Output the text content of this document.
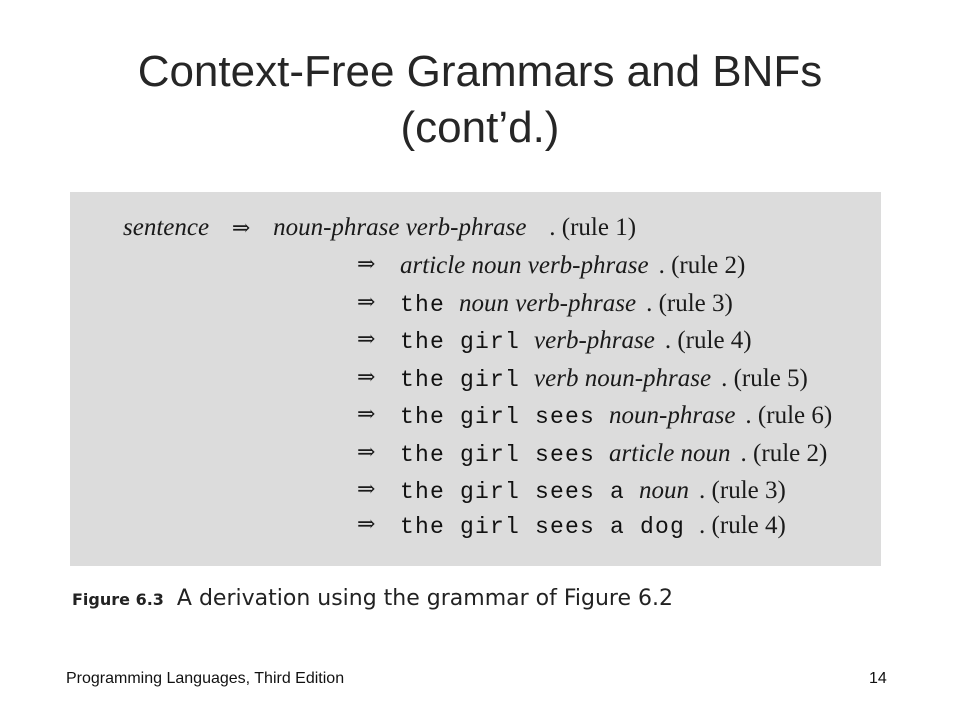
Context-Free Grammars and BNFs
(cont’d.)
sentence ⇒ noun-phrase verb-phrase . (rule 1)
⇒ article noun verb-phrase . (rule 2)
⇒ the noun verb-phrase . (rule 3)
⇒ the girl verb-phrase . (rule 4)
⇒ the girl verb noun-phrase . (rule 5)
⇒ the girl sees noun-phrase . (rule 6)
⇒ the girl sees article noun . (rule 2)
⇒ the girl sees a noun . (rule 3)
⇒ the girl sees a dog . (rule 4)
Figure 6.3 A derivation using the grammar of Figure 6.2
Programming Languages, Third Edition	14
